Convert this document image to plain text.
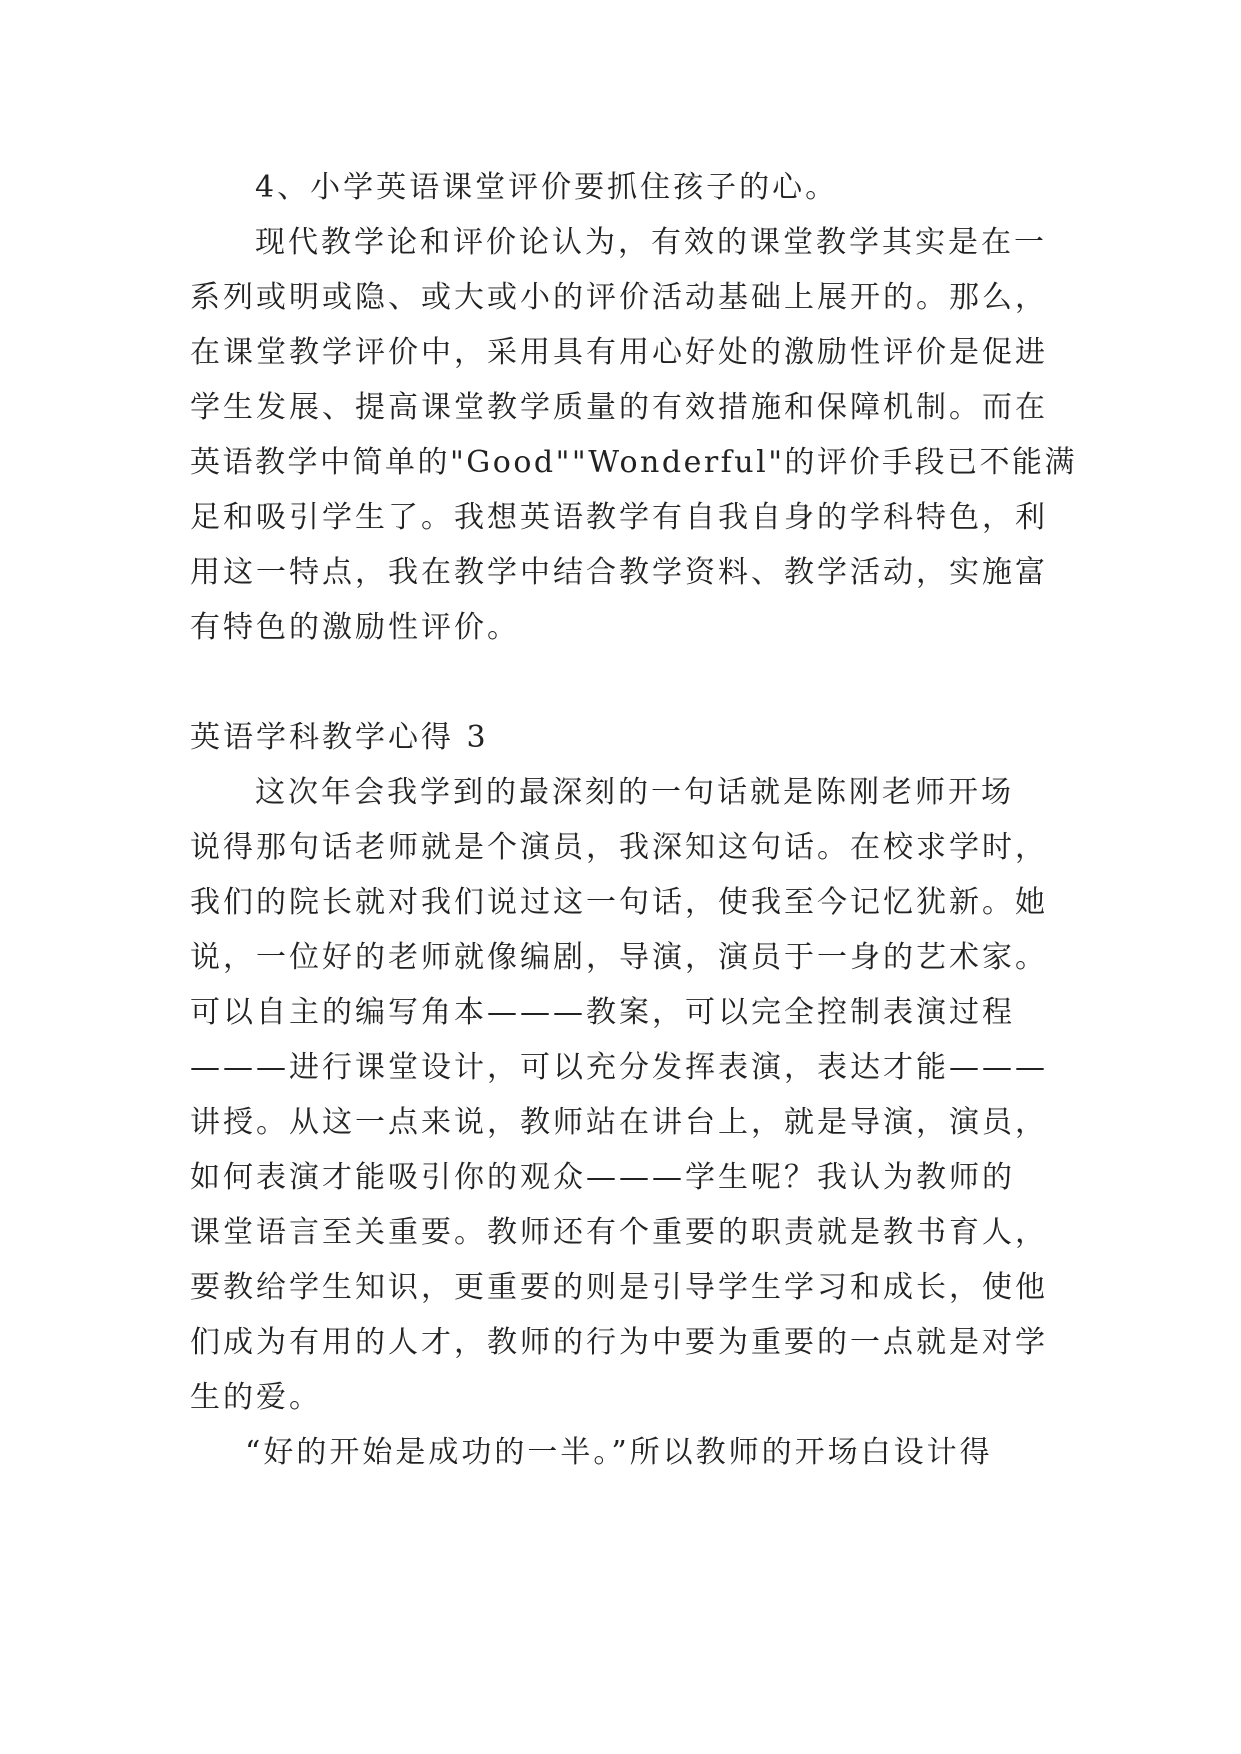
4、小学英语课堂评价要抓住孩子的心。
现代教学论和评价论认为，有效的课堂教学其实是在一
系列或明或隐、或大或小的评价活动基础上展开的。那么，
在课堂教学评价中，采用具有用心好处的激励性评价是促进
学生发展、提高课堂教学质量的有效措施和保障机制。而在
英语教学中简单的"Good""Wonderful"的评价手段已不能满
足和吸引学生了。我想英语教学有自我自身的学科特色，利
用这一特点，我在教学中结合教学资料、教学活动，实施富
有特色的激励性评价。
英语学科教学心得 3
这次年会我学到的最深刻的一句话就是陈刚老师开场
说得那句话老师就是个演员，我深知这句话。在校求学时，
我们的院长就对我们说过这一句话，使我至今记忆犹新。她
说，一位好的老师就像编剧，导演，演员于一身的艺术家。
可以自主的编写角本———教案，可以完全控制表演过程
———进行课堂设计，可以充分发挥表演，表达才能———
讲授。从这一点来说，教师站在讲台上，就是导演，演员，
如何表演才能吸引你的观众———学生呢？我认为教师的
课堂语言至关重要。教师还有个重要的职责就是教书育人，
要教给学生知识，更重要的则是引导学生学习和成长，使他
们成为有用的人才，教师的行为中要为重要的一点就是对学
生的爱。
“好的开始是成功的一半。”所以教师的开场白设计得
